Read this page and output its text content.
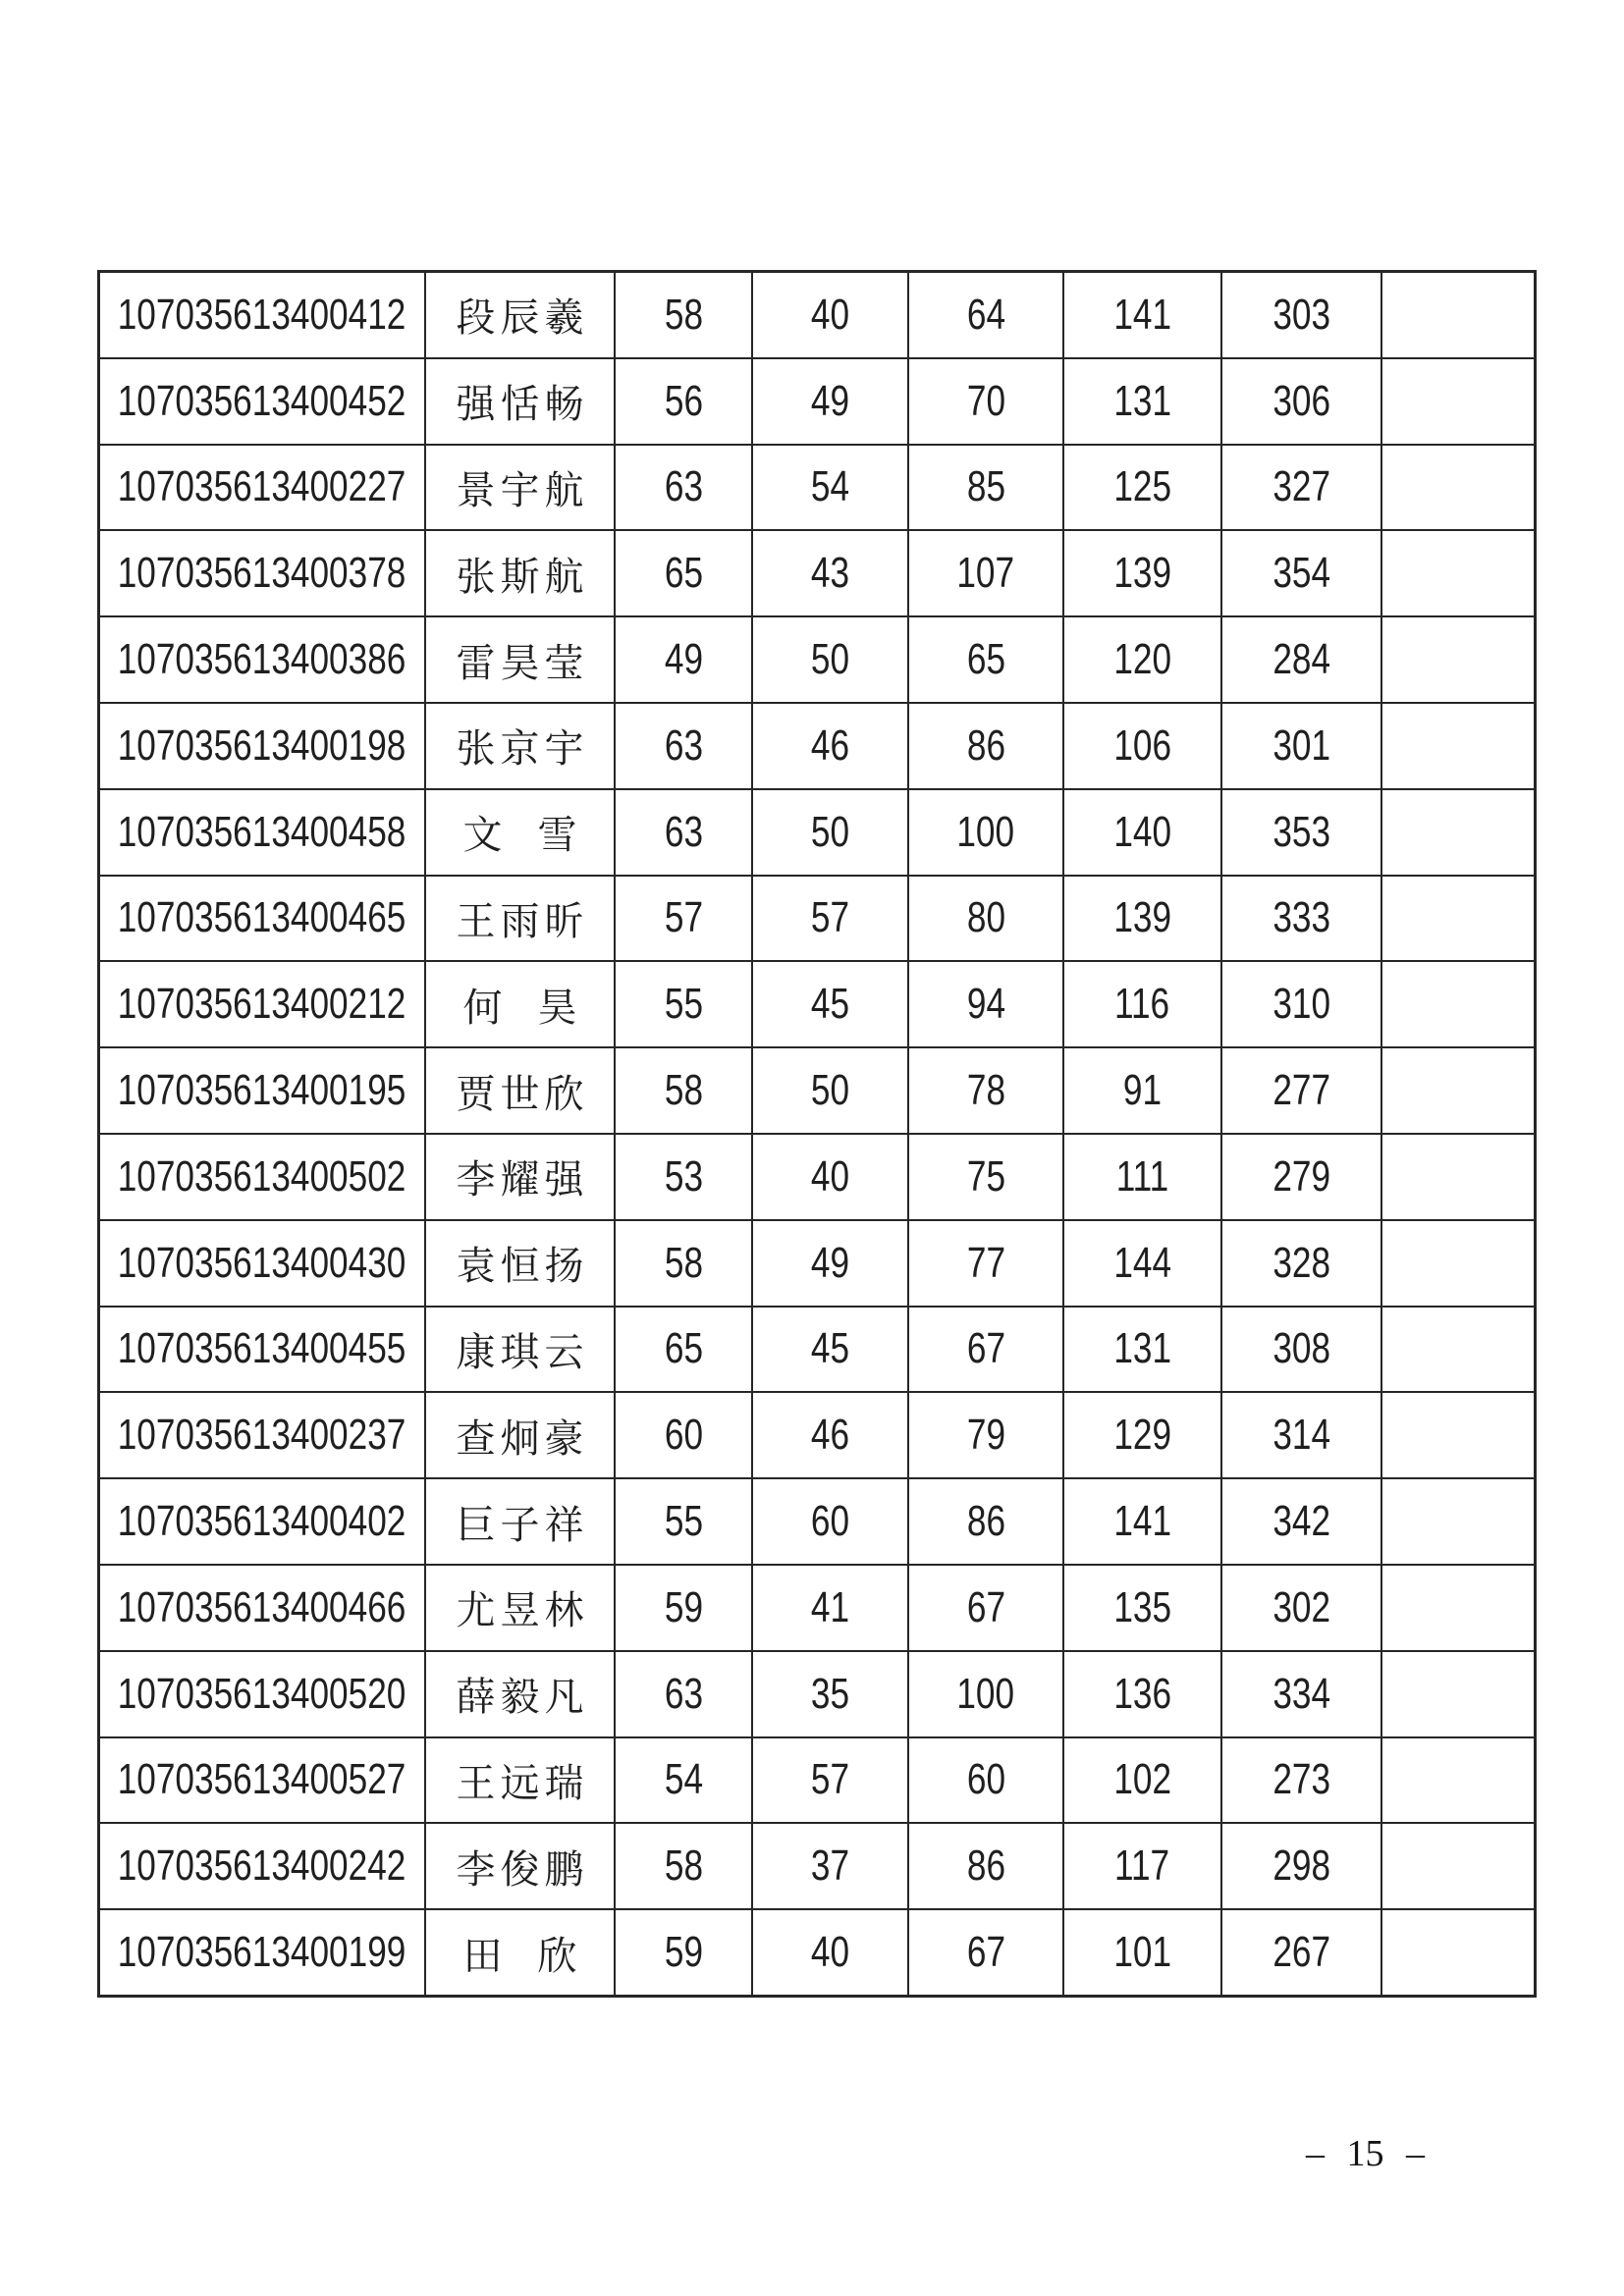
107035613400412 段辰羲 58	40	64	141 303
107035613400452 强恬畅 56	49	70	131 306
107035613400227 景宇航 63	54	85	125 327
107035613400378 张斯航 65	43 107 139 354
107035613400386 雷昊莹 49	50	65	120 284
107035613400198 张京宇 63	46	86	106 301
107035613400458 文 雪 63	50 100 140 353
107035613400465 王雨昕 57	57	80	139 333
107035613400212 何 昊 55	45	94	116 310
107035613400195 贾世欣 58	50	78	91	277
107035613400502 李耀强 53	40	75	111 279
107035613400430 袁恒扬 58	49	77	144 328
107035613400455 康琪云 65	45	67	131 308
107035613400237 查炯豪 60	46	79	129 314
107035613400402 巨子祥 55	60	86	141 342
107035613400466 尤昱林 59	41	67	135 302
107035613400520 薛毅凡 63	35 100 136 334
107035613400527 王远瑞 54	57	60	102 273
107035613400242 李俊鹏 58	37	86	117 298
107035613400199 田 欣 59	40	67	101 267
– 15 –
